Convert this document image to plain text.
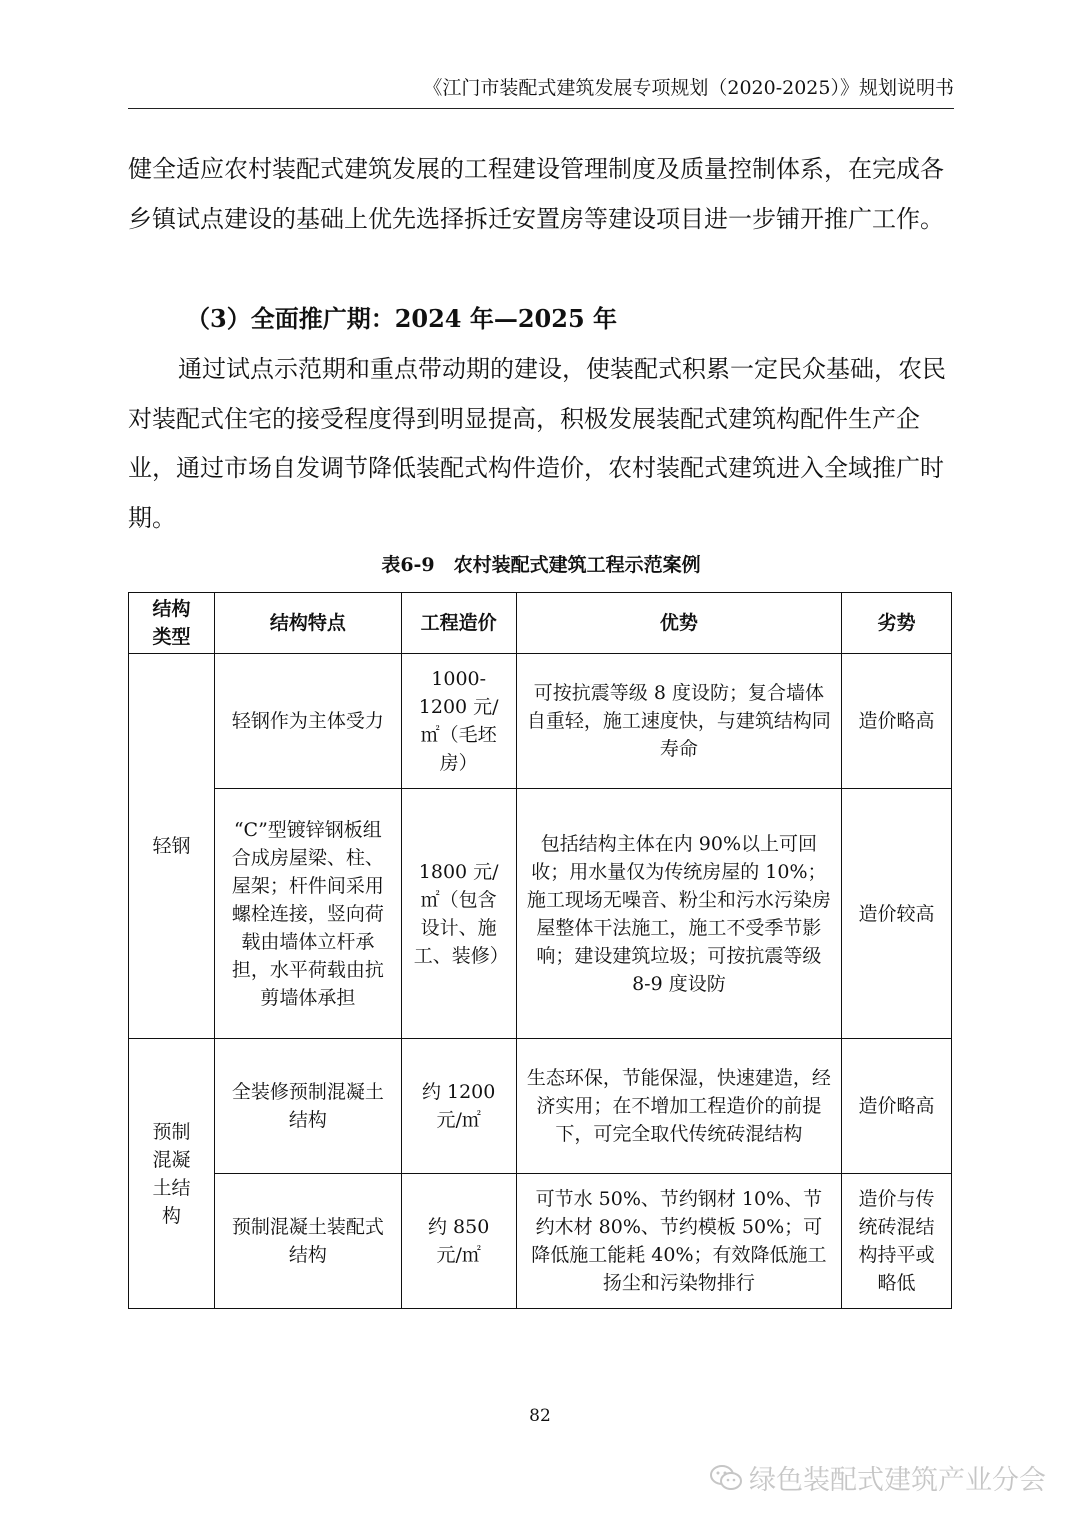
《江门市装配式建筑发展专项规划（2020-2025）》规划说明书

健全适应农村装配式建筑发展的工程建设管理制度及质量控制体系，在完成各乡镇试点建设的基础上优先选择拆迁安置房等建设项目进一步铺开推广工作。

（3）全面推广期：2024 年—2025 年

通过试点示范期和重点带动期的建设，使装配式积累一定民众基础，农民对装配式住宅的接受程度得到明显提高，积极发展装配式建筑构配件生产企业，通过市场自发调节降低装配式构件造价，农村装配式建筑进入全域推广时期。

表6-9　农村装配式建筑工程示范案例
结构类型	结构特点	工程造价	优势	劣势
轻钢	轻钢作为主体受力	1000-1200 元/㎡（毛坯房）	可按抗震等级 8 度设防；复合墙体自重轻，施工速度快，与建筑结构同寿命	造价略高
	“C”型镀锌钢板组合成房屋梁、柱、屋架；杆件间采用螺栓连接，竖向荷载由墙体立杆承担，水平荷载由抗剪墙体承担	1800 元/㎡（包含设计、施工、装修）	包括结构主体在内 90%以上可回收；用水量仅为传统房屋的 10%；施工现场无噪音、粉尘和污水污染房屋整体干法施工，施工不受季节影响；建设建筑垃圾；可按抗震等级 8-9 度设防	造价较高
预制混凝土结构	全装修预制混凝土结构	约 1200 元/㎡	生态环保，节能保湿，快速建造，经济实用；在不增加工程造价的前提下，可完全取代传统砖混结构	造价略高
	预制混凝土装配式结构	约 850 元/㎡	可节水 50%、节约钢材 10%、节约木材 80%、节约模板 50%；可降低施工能耗 40%；有效降低施工扬尘和污染物排行	造价与传统砖混结构持平或略低
82
绿色装配式建筑产业分会
